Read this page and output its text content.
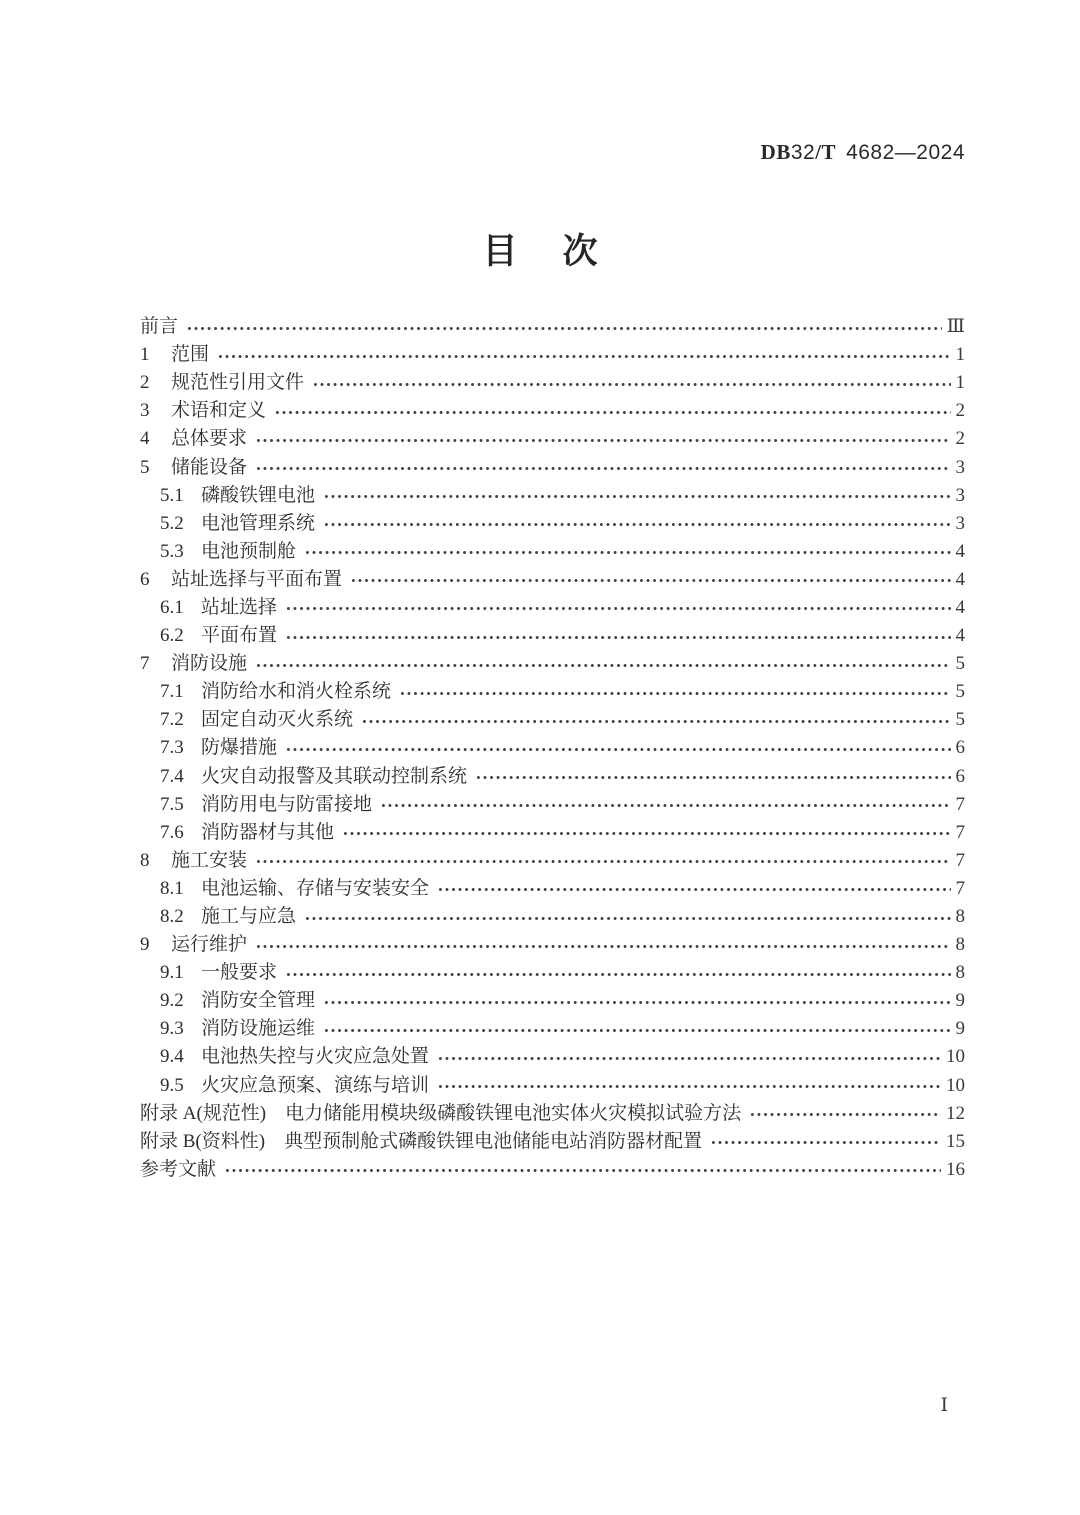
DB32/T 4682—2024
目　次
前言	Ⅲ
1	范围	1
2	规范性引用文件	1
3	术语和定义	2
4	总体要求	2
5	储能设备	3
5.1 磷酸铁锂电池	3
5.2 电池管理系统	3
5.3 电池预制舱	4
6	站址选择与平面布置	4
6.1 站址选择	4
6.2 平面布置	4
7	消防设施	5
7.1 消防给水和消火栓系统	5
7.2 固定自动灭火系统	5
7.3 防爆措施	6
7.4 火灾自动报警及其联动控制系统	6
7.5 消防用电与防雷接地	7
7.6 消防器材与其他	7
8	施工安装	7
8.1 电池运输、存储与安装安全	7
8.2 施工与应急	8
9	运行维护	8
9.1 一般要求	8
9.2 消防安全管理	9
9.3 消防设施运维	9
9.4 电池热失控与火灾应急处置	10
9.5 火灾应急预案、演练与培训	10
附录 A(规范性)　电力储能用模块级磷酸铁锂电池实体火灾模拟试验方法	12
附录 B(资料性)　典型预制舱式磷酸铁锂电池储能电站消防器材配置	15
参考文献	16
Ⅰ
